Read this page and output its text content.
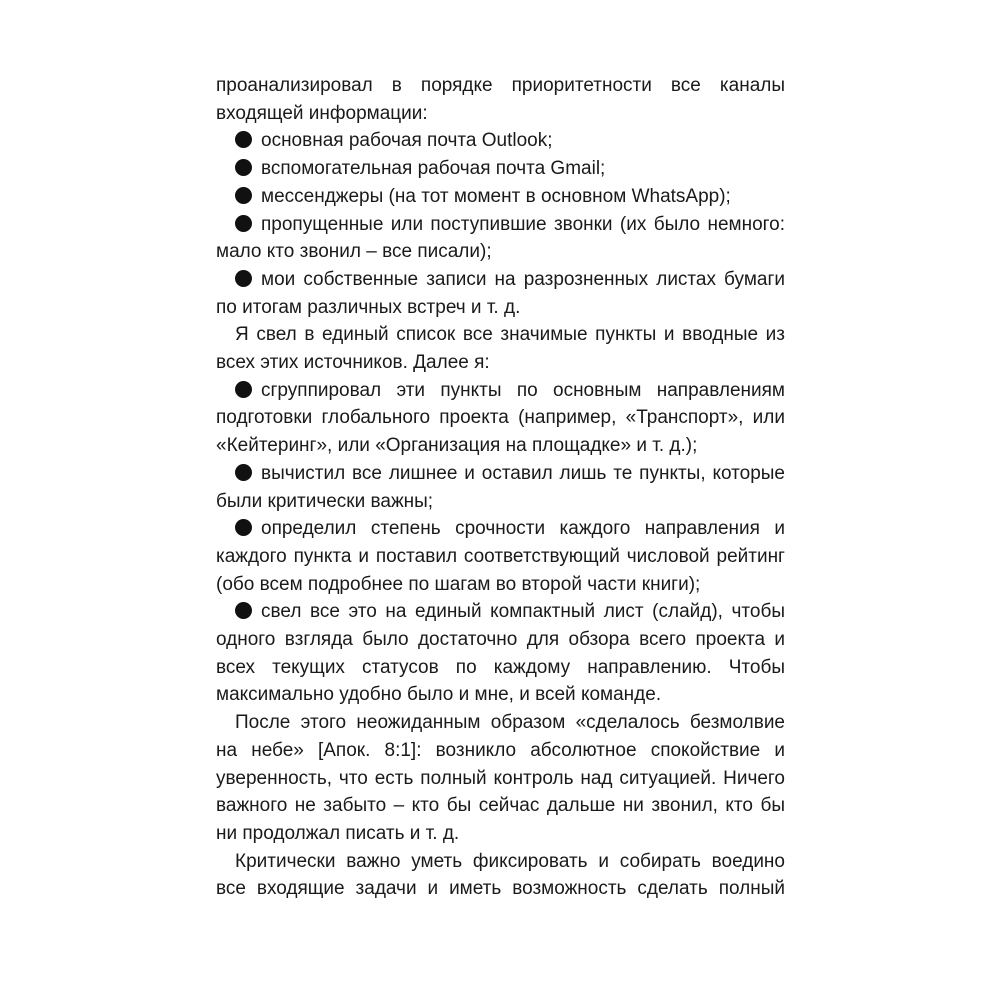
проанализировал в порядке приоритетности все каналы входящей информации:

основная рабочая почта Outlook;

вспомогательная рабочая почта Gmail;

мессенджеры (на тот момент в основном WhatsApp);

пропущенные или поступившие звонки (их было немного: мало кто звонил – все писали);

мои собственные записи на разрозненных листах бумаги по итогам различных встреч и т. д.

Я свел в единый список все значимые пункты и вводные из всех этих источников. Далее я:

сгруппировал эти пункты по основным направлениям подготовки глобального проекта (например, «Транспорт», или «Кейтеринг», или «Организация на площадке» и т. д.);

вычистил все лишнее и оставил лишь те пункты, которые были критически важны;

определил степень срочности каждого направления и каждого пункта и поставил соответствующий числовой рейтинг (обо всем подробнее по шагам во второй части книги);

свел все это на единый компактный лист (слайд), чтобы одного взгляда было достаточно для обзора всего проекта и всех текущих статусов по каждому направлению. Чтобы максимально удобно было и мне, и всей команде.

После этого неожиданным образом «сделалось безмолвие на небе» [Апок. 8:1]: возникло абсолютное спокойствие и уверенность, что есть полный контроль над ситуацией. Ничего важного не забыто – кто бы сейчас дальше ни звонил, кто бы ни продолжал писать и т. д.

Критически важно уметь фиксировать и собирать воедино все входящие задачи и иметь возможность сделать полный
